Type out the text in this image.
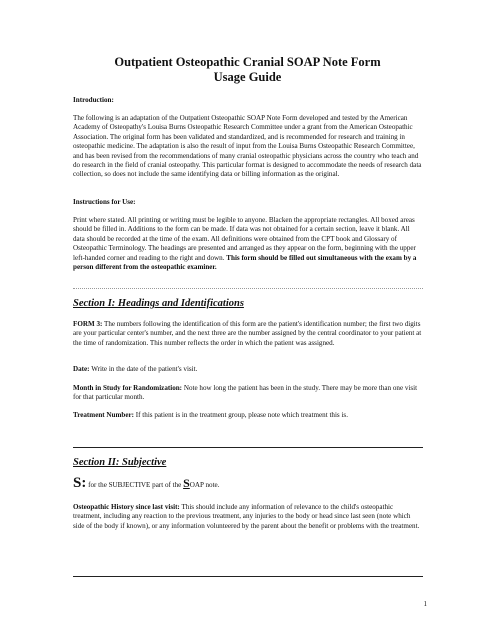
Outpatient Osteopathic Cranial SOAP Note Form
Usage Guide
Introduction:
The following is an adaptation of the Outpatient Osteopathic SOAP Note Form developed and tested by the American Academy of Osteopathy's Louisa Burns Osteopathic Research Committee under a grant from the American Osteopathic Association. The original form has been validated and standardized, and is recommended for research and training in osteopathic medicine. The adaptation is also the result of input from the Louisa Burns Osteopathic Research Committee, and has been revised from the recommendations of many cranial osteopathic physicians across the country who teach and do research in the field of cranial osteopathy. This particular format is designed to accommodate the needs of research data collection, so does not include the same identifying data or billing information as the original.
Instructions for Use:
Print where stated. All printing or writing must be legible to anyone. Blacken the appropriate rectangles. All boxed areas should be filled in. Additions to the form can be made. If data was not obtained for a certain section, leave it blank. All data should be recorded at the time of the exam. All definitions were obtained from the CPT book and Glossary of Osteopathic Terminology. The headings are presented and arranged as they appear on the form, beginning with the upper left-handed corner and reading to the right and down. This form should be filled out simultaneous with the exam by a person different from the osteopathic examiner.
Section I: Headings and Identifications
FORM 3: The numbers following the identification of this form are the patient's identification number; the first two digits are your particular center's number, and the next three are the number assigned by the central coordinator to your patient at the time of randomization. This number reflects the order in which the patient was assigned.
Date: Write in the date of the patient's visit.
Month in Study for Randomization: Note how long the patient has been in the study. There may be more than one visit for that particular month.
Treatment Number: If this patient is in the treatment group, please note which treatment this is.
Section II: Subjective
S: for the SUBJECTIVE part of the SOAP note.
Osteopathic History since last visit: This should include any information of relevance to the child's osteopathic treatment, including any reaction to the previous treatment, any injuries to the body or head since last seen (note which side of the body if known), or any information volunteered by the parent about the benefit or problems with the treatment.
1
